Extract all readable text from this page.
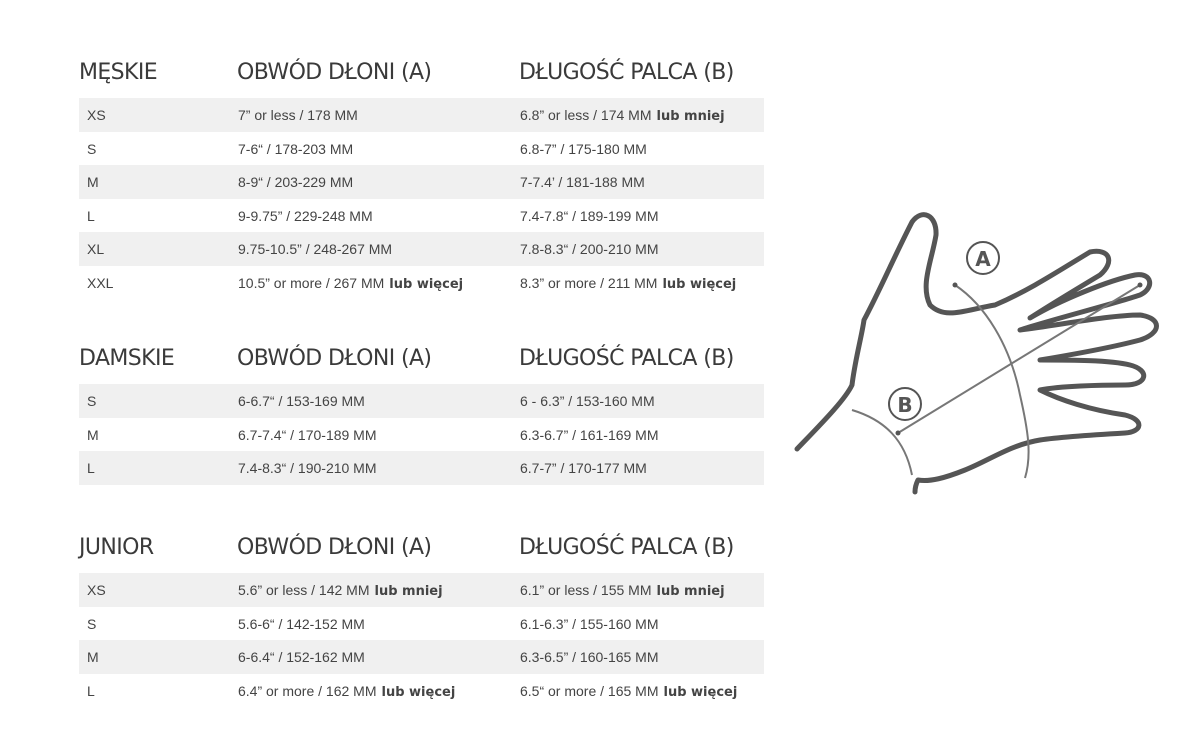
MĘSKIE	OBWÓD DŁONI (A)	DŁUGOŚĆ PALCA (B)
XS	7” or less / 178 MM	6.8” or less / 174 MM lub mniej
S	7-6“ / 178-203 MM	6.8-7” / 175-180 MM
M	8-9“ / 203-229 MM	7-7.4’ / 181-188 MM
L	9-9.75” / 229-248 MM	7.4-7.8“ / 189-199 MM
XL	9.75-10.5” / 248-267 MM	7.8-8.3“ / 200-210 MM
XXL	10.5” or more / 267 MM lub więcej	8.3” or more / 211 MM lub więcej
DAMSKIE	OBWÓD DŁONI (A)	DŁUGOŚĆ PALCA (B)
S	6-6.7“ / 153-169 MM	6 - 6.3” / 153-160 MM
M	6.7-7.4“ / 170-189 MM	6.3-6.7” / 161-169 MM
L	7.4-8.3“ / 190-210 MM	6.7-7” / 170-177 MM
JUNIOR	OBWÓD DŁONI (A)	DŁUGOŚĆ PALCA (B)
XS	5.6” or less / 142 MM lub mniej	6.1” or less / 155 MM lub mniej
S	5.6-6“ / 142-152 MM	6.1-6.3” / 155-160 MM
M	6-6.4“ / 152-162 MM	6.3-6.5” / 160-165 MM
L	6.4” or more / 162 MM lub więcej	6.5“ or more / 165 MM lub więcej
A
B
